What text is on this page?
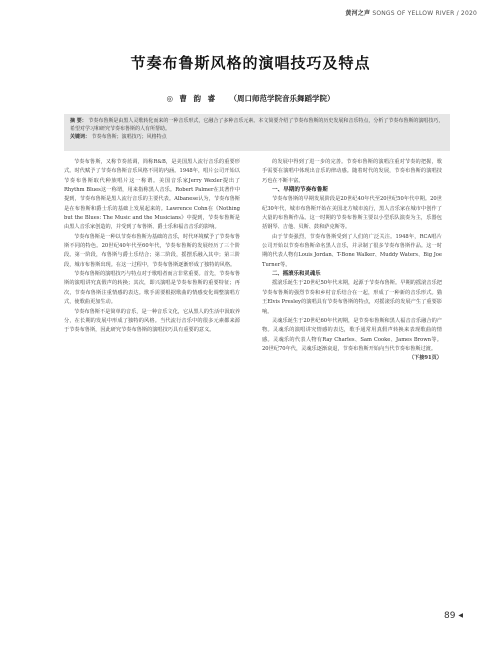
黄河之声 SONGS OF YELLOW RIVER / 2020
节奏布鲁斯风格的演唱技巧及特点
◎ 曹 韵 睿 （周口师范学院音乐舞蹈学院）
摘 要： 节奏布鲁斯是由黑人灵歌转化而来的一种音乐形式，它融合了多种音乐元素。本文简要介绍了节奏布鲁斯的历史发展和音乐特点，分析了节奏布鲁斯的演唱技巧，希望对学习和研究节奏布鲁斯的人有所帮助。
关键词： 节奏布鲁斯；演唱技巧；风格特点

节奏布鲁斯，又称节奏蓝调，简称R&B，是美国黑人流行音乐的重要形式。时代赋予了节奏布鲁斯音乐风格不同的内涵。1948年，唱片公司开始以节奏布鲁斯取代种族唱片这一称谓。美国音乐家Jerry Wexler提出了Rhythm Blues这一称谓，用来指称黑人音乐。Robert Palmer在其著作中提到，节奏布鲁斯是黑人流行音乐的主要代表。Albanese认为，节奏布鲁斯是在布鲁斯和爵士乐的基础上发展起来的。Lawrence Cohn在《Nothing but the Blues: The Music and the Musicians》中提到，节奏布鲁斯是由黑人音乐家创造的，并受到了布鲁斯、爵士乐和福音音乐的影响。

节奏布鲁斯是一种以节奏布鲁斯为基础的音乐，时代环境赋予了节奏布鲁斯不同的特色。20世纪40年代至60年代，节奏布鲁斯的发展经历了三个阶段。第一阶段，布鲁斯与爵士乐结合；第二阶段，摇摆乐融入其中；第三阶段，城市布鲁斯出现。在这一过程中，节奏布鲁斯逐渐形成了独特的风格。

节奏布鲁斯的演唱技巧与特点对于歌唱者而言非常重要。首先，节奏布鲁斯的演唱讲究真假声的转换；其次，即兴演唱是节奏布鲁斯的重要特征；再次，节奏布鲁斯注重情感的表达。歌手需要根据歌曲的情感变化调整演唱方式，使歌曲更加生动。

节奏布鲁斯不是简单的音乐，是一种音乐文化，它从黑人的生活中汲取养分，在长期的发展中形成了独特的风格。当代流行音乐中的很多元素都来源于节奏布鲁斯，因此研究节奏布鲁斯的演唱技巧具有重要的意义。

的发展中得到了进一步的完善。节奏布鲁斯的演唱注重对节奏的把握，歌手需要在演唱中体现出音乐的律动感。随着时代的发展，节奏布鲁斯的演唱技巧也在不断丰富。

一、早期的节奏布鲁斯

节奏布鲁斯的早期发展阶段是20世纪40年代至20世纪50年代中期。20世纪30年代，城市布鲁斯开始在美国北方城市流行，黑人音乐家在城市中创作了大量的布鲁斯作品。这一时期的节奏布鲁斯主要以小型乐队演奏为主，乐器包括钢琴、吉他、贝斯、鼓和萨克斯等。

由于节奏强烈，节奏布鲁斯受到了人们的广泛关注。1948年，RCA唱片公司开始以节奏布鲁斯命名黑人音乐，并录制了很多节奏布鲁斯作品。这一时期的代表人物有Louis Jordan、T-Bone Walker、Muddy Waters、Big Joe Turner等。

二、摇滚乐和灵魂乐

摇滚乐诞生于20世纪50年代末期，起源于节奏布鲁斯。早期的摇滚音乐把节奏布鲁斯的强烈节奏和乡村音乐结合在一起，形成了一种新的音乐形式。猫王Elvis Presley的演唱具有节奏布鲁斯的特点，对摇滚乐的发展产生了重要影响。

灵魂乐诞生于20世纪60年代初期，是节奏布鲁斯和黑人福音音乐融合的产物。灵魂乐的演唱讲究情感的表达，歌手通常用真假声转换来表现歌曲的情感。灵魂乐的代表人物有Ray Charles、Sam Cooke、James Brown等。20世纪70年代，灵魂乐逐渐衰退，节奏布鲁斯开始向当代节奏布鲁斯过渡。

（下接91页）

89 ◀
